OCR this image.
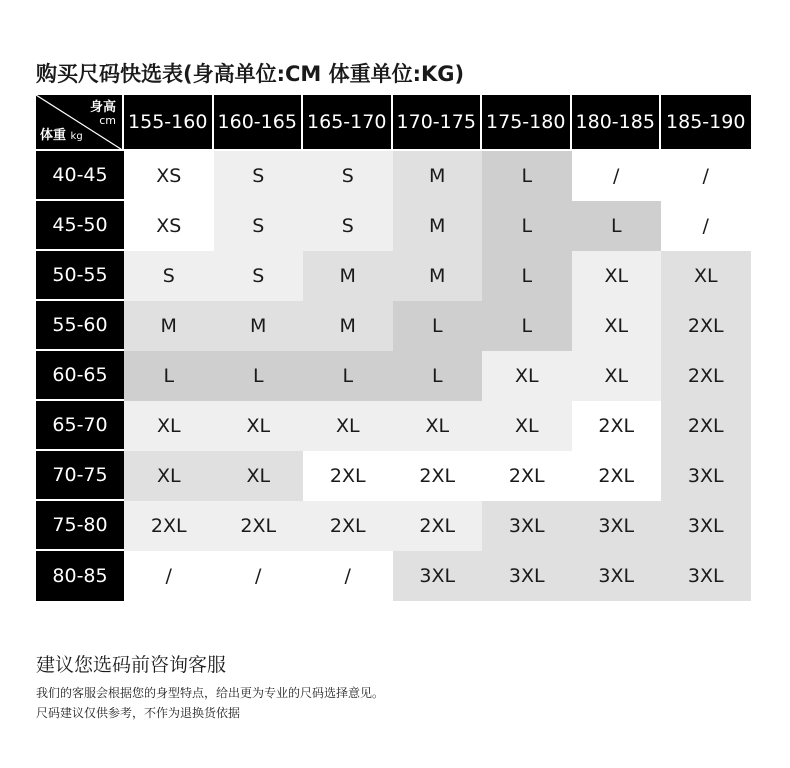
购买尺码快选表(身高单位:CM 体重单位:KG)
身高
cm
体重 kg	155-160	160-165	165-170	170-175	175-180	180-185	185-190
40-45	XS	S	S	M	L	/	/
45-50	XS	S	S	M	L	L	/
50-55	S	S	M	M	L	XL	XL
55-60	M	M	M	L	L	XL	2XL
60-65	L	L	L	L	XL	XL	2XL
65-70	XL	XL	XL	XL	XL	2XL	2XL
70-75	XL	XL	2XL	2XL	2XL	2XL	3XL
75-80	2XL	2XL	2XL	2XL	3XL	3XL	3XL
80-85	/	/	/	3XL	3XL	3XL	3XL
建议您选码前咨询客服
我们的客服会根据您的身型特点，给出更为专业的尺码选择意见。
尺码建议仅供参考，不作为退换货依据
